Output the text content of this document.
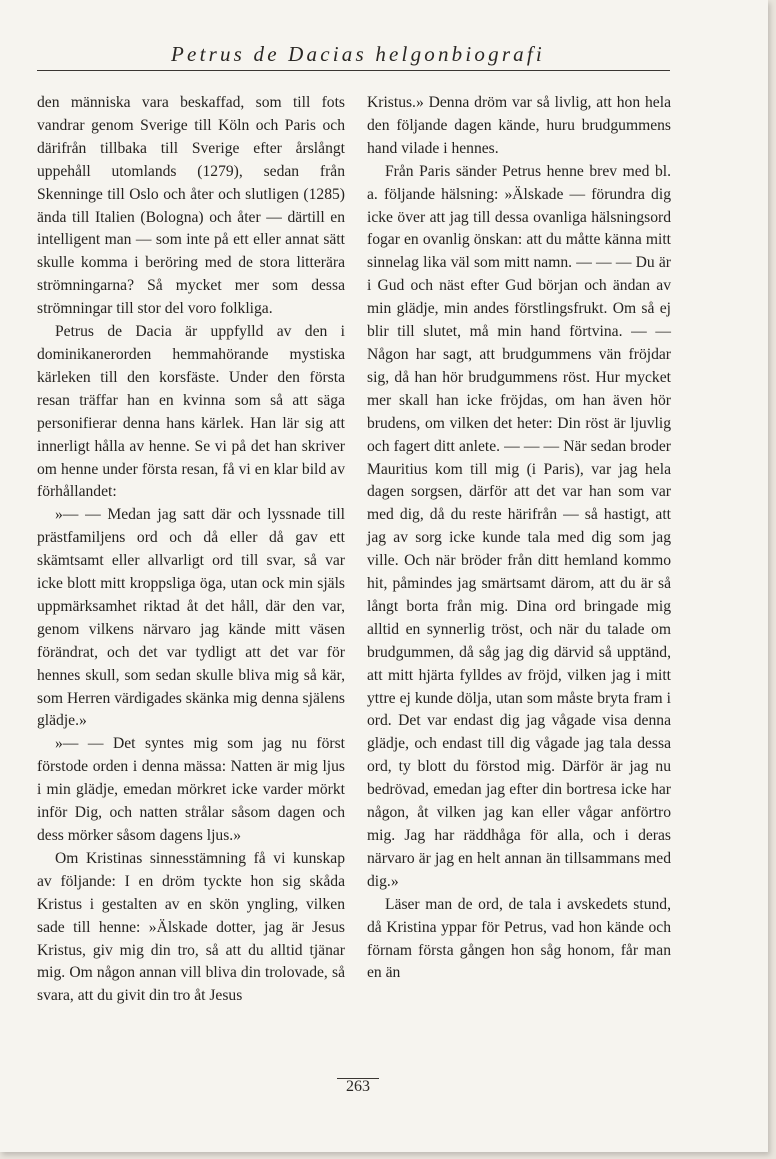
Petrus de Dacias helgonbiografi

den människa vara beskaffad, som till fots vandrar genom Sverige till Köln och Paris och därifrån tillbaka till Sverige efter årslångt uppehåll utomlands (1279), sedan från Skenninge till Oslo och åter och slutligen (1285) ända till Italien (Bologna) och åter — därtill en intelligent man — som inte på ett eller annat sätt skulle komma i beröring med de stora litterära strömningarna? Så mycket mer som dessa strömningar till stor del voro folkliga.

Petrus de Dacia är uppfylld av den i dominikanerorden hemmahörande mystiska kärleken till den korsfäste. Under den första resan träffar han en kvinna som så att säga personifierar denna hans kärlek. Han lär sig att innerligt hålla av henne. Se vi på det han skriver om henne under första resan, få vi en klar bild av förhållandet:

»— — Medan jag satt där och lyssnade till prästfamiljens ord och då eller då gav ett skämtsamt eller allvarligt ord till svar, så var icke blott mitt kroppsliga öga, utan ock min själs uppmärksamhet riktad åt det håll, där den var, genom vilkens närvaro jag kände mitt väsen förändrat, och det var tydligt att det var för hennes skull, som sedan skulle bliva mig så kär, som Herren värdigades skänka mig denna själens glädje.»

»— — Det syntes mig som jag nu först förstode orden i denna mässa: Natten är mig ljus i min glädje, emedan mörkret icke varder mörkt inför Dig, och natten strålar såsom dagen och dess mörker såsom dagens ljus.»

Om Kristinas sinnesstämning få vi kunskap av följande: I en dröm tyckte hon sig skåda Kristus i gestalten av en skön yngling, vilken sade till henne: »Älskade dotter, jag är Jesus Kristus, giv mig din tro, så att du alltid tjänar mig. Om någon annan vill bliva din trolovade, så svara, att du givit din tro åt Jesus

Kristus.» Denna dröm var så livlig, att hon hela den följande dagen kände, huru brudgummens hand vilade i hennes.

Från Paris sänder Petrus henne brev med bl. a. följande hälsning: »Älskade — förundra dig icke över att jag till dessa ovanliga hälsningsord fogar en ovanlig önskan: att du måtte känna mitt sinnelag lika väl som mitt namn. — — — Du är i Gud och näst efter Gud början och ändan av min glädje, min andes förstlingsfrukt. Om så ej blir till slutet, må min hand förtvina. — — Någon har sagt, att brudgummens vän fröjdar sig, då han hör brudgummens röst. Hur mycket mer skall han icke fröjdas, om han även hör brudens, om vilken det heter: Din röst är ljuvlig och fagert ditt anlete. — — — När sedan broder Mauritius kom till mig (i Paris), var jag hela dagen sorgsen, därför att det var han som var med dig, då du reste härifrån — så hastigt, att jag av sorg icke kunde tala med dig som jag ville. Och när bröder från ditt hemland kommo hit, påmindes jag smärtsamt därom, att du är så långt borta från mig. Dina ord bringade mig alltid en synnerlig tröst, och när du talade om brudgummen, då såg jag dig därvid så upptänd, att mitt hjärta fylldes av fröjd, vilken jag i mitt yttre ej kunde dölja, utan som måste bryta fram i ord. Det var endast dig jag vågade visa denna glädje, och endast till dig vågade jag tala dessa ord, ty blott du förstod mig. Därför är jag nu bedrövad, emedan jag efter din bortresa icke har någon, åt vilken jag kan eller vågar anförtro mig. Jag har räddhåga för alla, och i deras närvaro är jag en helt annan än tillsammans med dig.»

Läser man de ord, de tala i avskedets stund, då Kristina yppar för Petrus, vad hon kände och förnam första gången hon såg honom, får man en än

263
